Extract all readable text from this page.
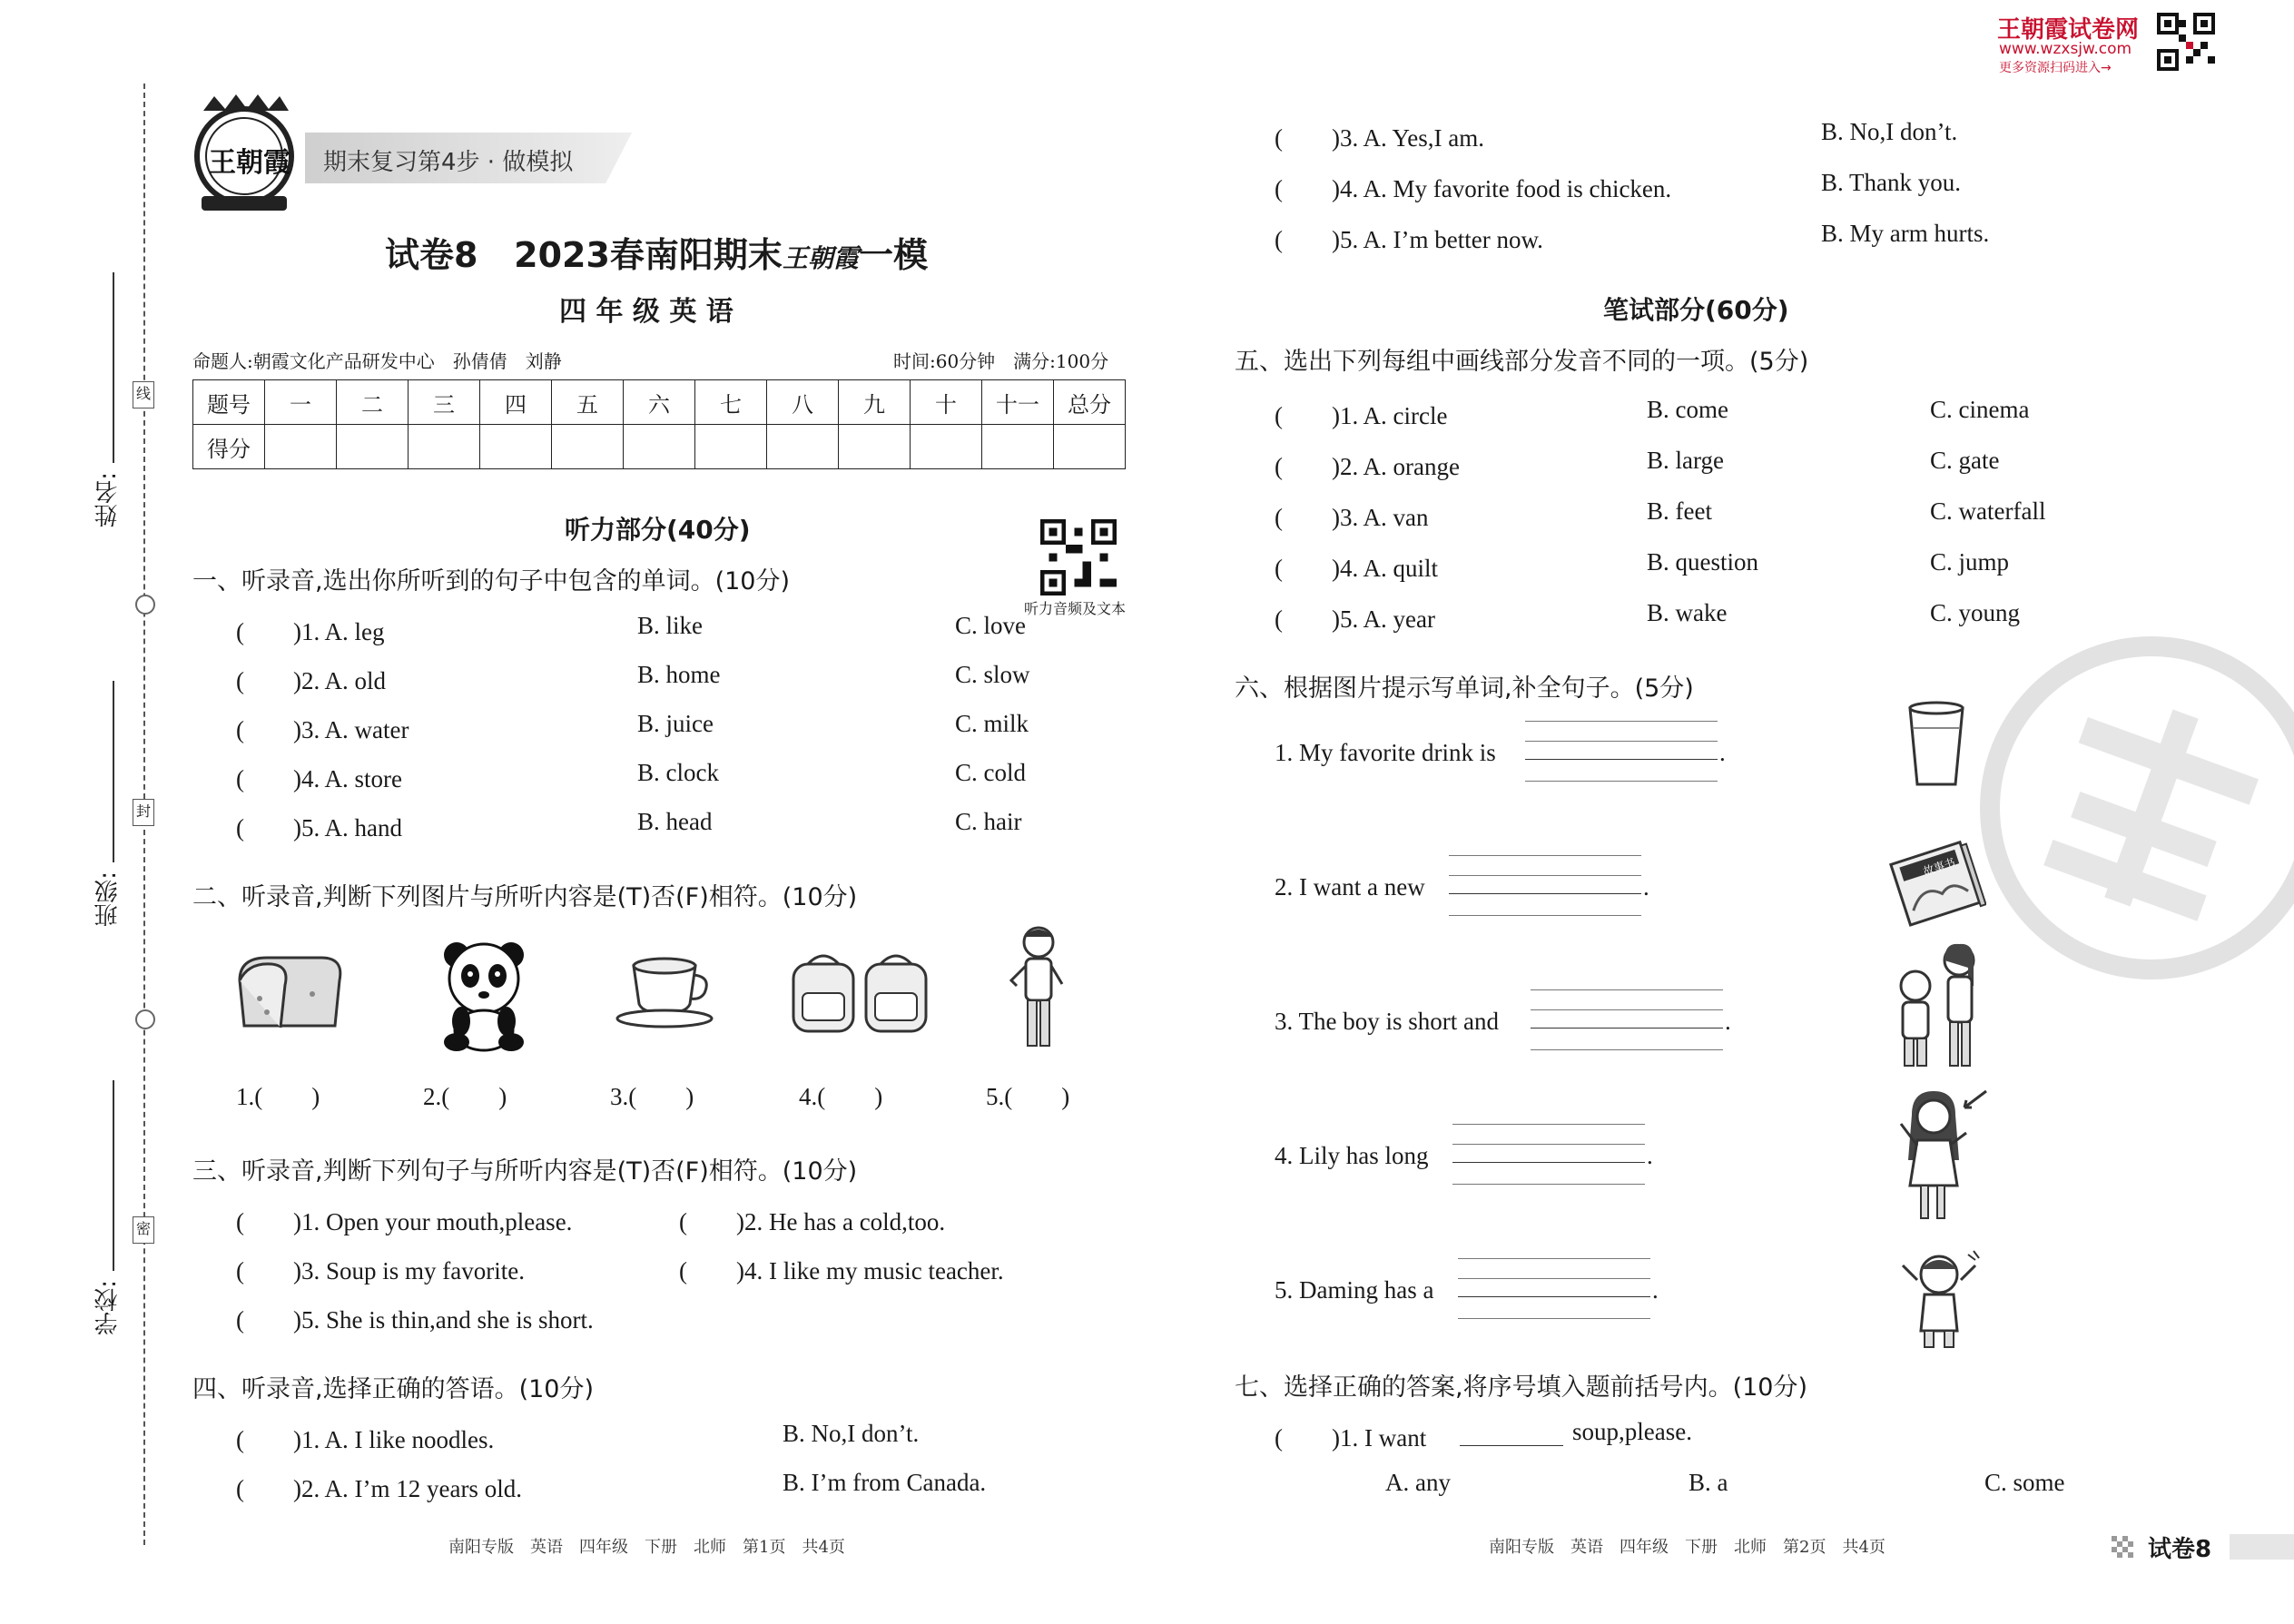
线
封
密
姓名:
班级:
学校:
王朝霞 期末复习第4步 · 做模拟
试卷8 2023春南阳期末王朝霞一模
四 年 级 英 语
命题人:朝霞文化产品研发中心　孙倩倩　刘静	时间:60分钟　满分:100分
王朝霞试卷网
www.wzxsjw.com
更多资源扫码进入→
题号	一	二	三	四	五	六	七	八	九	十	十一	总分
得分												
听力部分(40分)
听力音频及文本
一、听录音,选出你所听到的句子中包含的单词。(10分)
(　　)1. A. leg	B. like	C. love
(　　)2. A. old	B. home	C. slow
(　　)3. A. water	B. juice	C. milk
(　　)4. A. store	B. clock	C. cold
(　　)5. A. hand	B. head	C. hair
二、听录音,判断下列图片与所听内容是(T)否(F)相符。(10分)
1.(　　)	2.(　　)	3.(　　)	4.(　　)	5.(　　)
三、听录音,判断下列句子与所听内容是(T)否(F)相符。(10分)
(　　)1. Open your mouth,please.	(　　)2. He has a cold,too.
(　　)3. Soup is my favorite.	(　　)4. I like my music teacher.
(　　)5. She is thin,and she is short.
四、听录音,选择正确的答语。(10分)
(　　)1. A. I like noodles.	B. No,I don’t.
(　　)2. A. I’m 12 years old.	B. I’m from Canada.
南阳专版　英语　四年级　下册　北师　第1页　共4页
(　　)3. A. Yes,I am.	B. No,I don’t.
(　　)4. A. My favorite food is chicken.	B. Thank you.
(　　)5. A. I’m better now.	B. My arm hurts.
笔试部分(60分)
五、选出下列每组中画线部分发音不同的一项。(5分)
(　　)1. A. circle	B. come	C. cinema
(　　)2. A. orange	B. large	C. gate
(　　)3. A. van	B. feet	C. waterfall
(　　)4. A. quilt	B. question	C. jump
(　　)5. A. year	B. wake	C. young
六、根据图片提示写单词,补全句子。(5分)
1. My favorite drink is	.
2. I want a new	.
3. The boy is short and	.
4. Lily has long	.
5. Daming has a	.
故事书
七、选择正确的答案,将序号填入题前括号内。(10分)
(　　)1. I want	soup,please.
A. any	B. a	C. some
南阳专版　英语　四年级　下册　北师　第2页　共4页	试卷8
